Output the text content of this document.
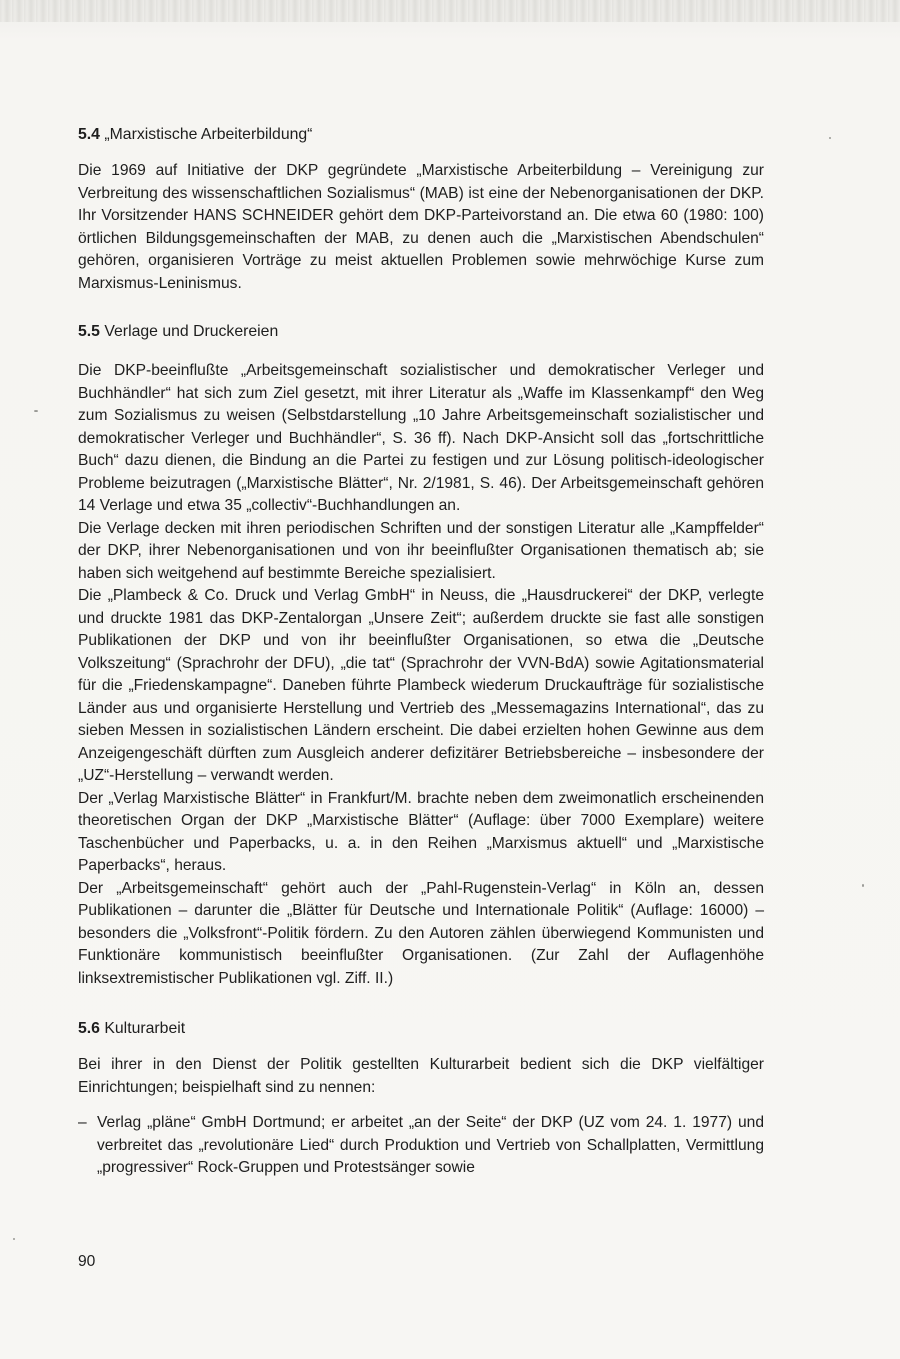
5.4 „Marxistische Arbeiterbildung“

Die 1969 auf Initiative der DKP gegründete „Marxistische Arbeiterbildung – Vereinigung zur Verbreitung des wissenschaftlichen Sozialismus“ (MAB) ist eine der Nebenorganisationen der DKP. Ihr Vorsitzender HANS SCHNEIDER gehört dem DKP-Parteivorstand an. Die etwa 60 (1980: 100) örtlichen Bildungsgemeinschaften der MAB, zu denen auch die „Marxistischen Abendschulen“ gehören, organisieren Vorträge zu meist aktuellen Problemen sowie mehrwöchige Kurse zum Marxismus-Leninismus.

5.5 Verlage und Druckereien

Die DKP-beeinflußte „Arbeitsgemeinschaft sozialistischer und demokratischer Verleger und Buchhändler“ hat sich zum Ziel gesetzt, mit ihrer Literatur als „Waffe im Klassenkampf“ den Weg zum Sozialismus zu weisen (Selbstdarstellung „10 Jahre Arbeitsgemeinschaft sozialistischer und demokratischer Verleger und Buchhändler“, S. 36 ff). Nach DKP-Ansicht soll das „fortschrittliche Buch“ dazu dienen, die Bindung an die Partei zu festigen und zur Lösung politisch-ideologischer Probleme beizutragen („Marxistische Blätter“, Nr. 2/1981, S. 46). Der Arbeitsgemeinschaft gehören 14 Verlage und etwa 35 „collectiv“-Buchhandlungen an.

Die Verlage decken mit ihren periodischen Schriften und der sonstigen Literatur alle „Kampffelder“ der DKP, ihrer Nebenorganisationen und von ihr beeinflußter Organisationen thematisch ab; sie haben sich weitgehend auf bestimmte Bereiche spezialisiert.

Die „Plambeck & Co. Druck und Verlag GmbH“ in Neuss, die „Hausdruckerei“ der DKP, verlegte und druckte 1981 das DKP-Zentalorgan „Unsere Zeit“; außerdem druckte sie fast alle sonstigen Publikationen der DKP und von ihr beeinflußter Organisationen, so etwa die „Deutsche Volkszeitung“ (Sprachrohr der DFU), „die tat“ (Sprachrohr der VVN-BdA) sowie Agitationsmaterial für die „Friedenskampagne“. Daneben führte Plambeck wiederum Druckaufträge für sozialistische Länder aus und organisierte Herstellung und Vertrieb des „Messemagazins International“, das zu sieben Messen in sozialistischen Ländern erscheint. Die dabei erzielten hohen Gewinne aus dem Anzeigengeschäft dürften zum Ausgleich anderer defizitärer Betriebsbereiche – insbesondere der „UZ“-Herstellung – verwandt werden.

Der „Verlag Marxistische Blätter“ in Frankfurt/M. brachte neben dem zweimonatlich erscheinenden theoretischen Organ der DKP „Marxistische Blätter“ (Auflage: über 7000 Exemplare) weitere Taschenbücher und Paperbacks, u. a. in den Reihen „Marxismus aktuell“ und „Marxistische Paperbacks“, heraus.

Der „Arbeitsgemeinschaft“ gehört auch der „Pahl-Rugenstein-Verlag“ in Köln an, dessen Publikationen – darunter die „Blätter für Deutsche und Internationale Politik“ (Auflage: 16000) – besonders die „Volksfront“-Politik fördern. Zu den Autoren zählen überwiegend Kommunisten und Funktionäre kommunistisch beeinflußter Organisationen. (Zur Zahl der Auflagenhöhe linksextremistischer Publikationen vgl. Ziff. II.)

5.6 Kulturarbeit

Bei ihrer in den Dienst der Politik gestellten Kulturarbeit bedient sich die DKP vielfältiger Einrichtungen; beispielhaft sind zu nennen:

– Verlag „pläne“ GmbH Dortmund; er arbeitet „an der Seite“ der DKP (UZ vom 24. 1. 1977) und verbreitet das „revolutionäre Lied“ durch Produktion und Vertrieb von Schallplatten, Vermittlung „progressiver“ Rock-Gruppen und Protestsänger sowie
90
